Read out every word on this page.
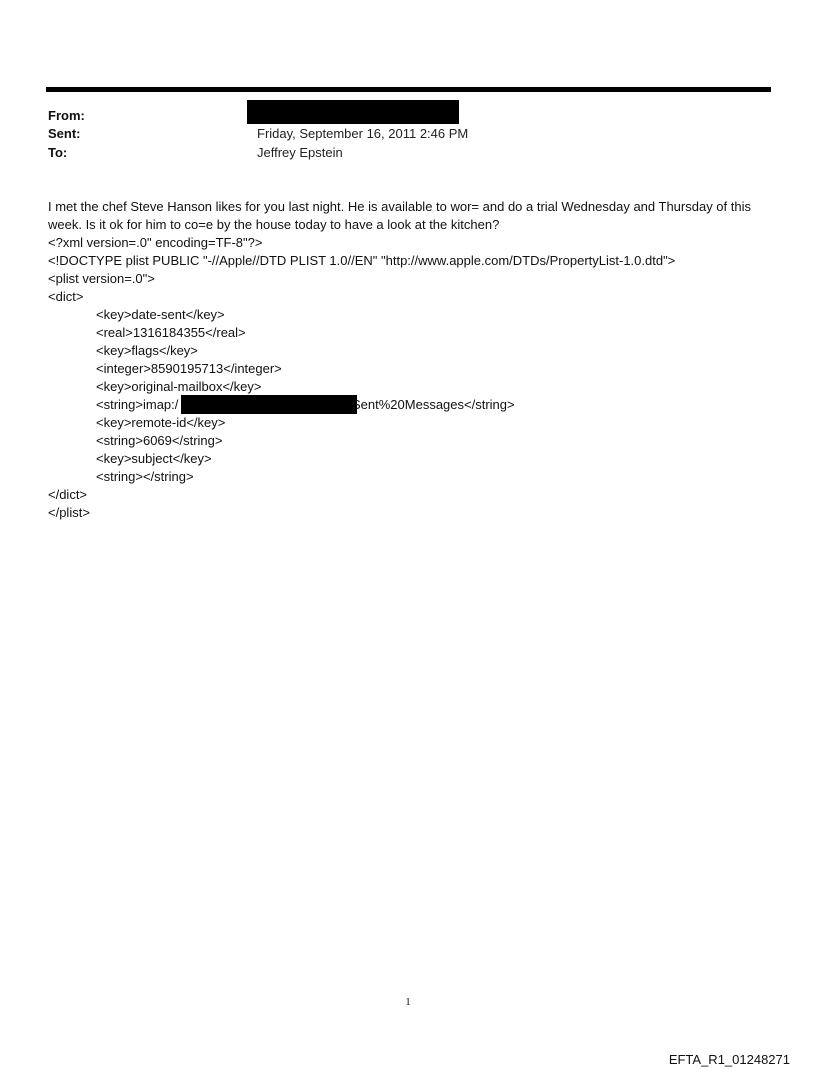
From:
Sent:	Friday, September 16, 2011 2:46 PM
To:	Jeffrey Epstein
I met the chef Steve Hanson likes for you last night. He is available to wor= and do a trial Wednesday and Thursday of this week. Is it ok for him to co=e by the house today to have a look at the kitchen?
<?xml version=.0" encoding=TF-8"?>
<!DOCTYPE plist PUBLIC "-//Apple//DTD PLIST 1.0//EN" "http://www.apple.com/DTDs/PropertyList-1.0.dtd">
<plist version=.0">
<dict>
<key>date-sent</key>
<real>1316184355</real>
<key>flags</key>
<integer>8590195713</integer>
<key>original-mailbox</key>
<string>imap:/	Sent%20Messages</string>
<key>remote-id</key>
<string>6069</string>
<key>subject</key>
<string></string>
</dict>
</plist>
1
EFTA_R1_01248271
